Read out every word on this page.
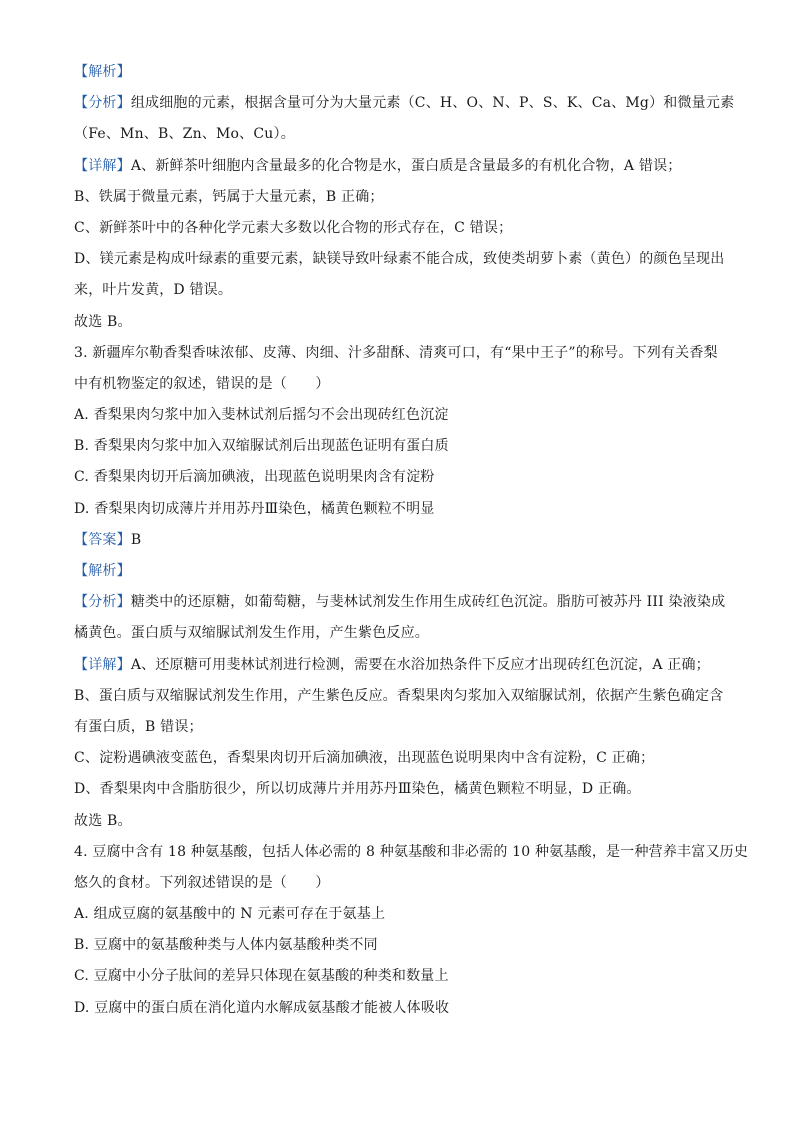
【解析】

【分析】组成细胞的元素，根据含量可分为大量元素（C、H、O、N、P、S、K、Ca、Mg）和微量元素

（Fe、Mn、B、Zn、Mo、Cu）。

【详解】A、新鲜茶叶细胞内含量最多的化合物是水，蛋白质是含量最多的有机化合物，A 错误；

B、铁属于微量元素，钙属于大量元素，B 正确；

C、新鲜茶叶中的各种化学元素大多数以化合物的形式存在，C 错误；

D、镁元素是构成叶绿素的重要元素，缺镁导致叶绿素不能合成，致使类胡萝卜素（黄色）的颜色呈现出

来，叶片发黄，D 错误。

故选 B。

3. 新疆库尔勒香梨香味浓郁、皮薄、肉细、汁多甜酥、清爽可口，有“果中王子”的称号。下列有关香梨

中有机物鉴定的叙述，错误的是（　　）

A. 香梨果肉匀浆中加入斐林试剂后摇匀不会出现砖红色沉淀

B. 香梨果肉匀浆中加入双缩脲试剂后出现蓝色证明有蛋白质

C. 香梨果肉切开后滴加碘液，出现蓝色说明果肉含有淀粉

D. 香梨果肉切成薄片并用苏丹Ⅲ染色，橘黄色颗粒不明显

【答案】B

【解析】

【分析】糖类中的还原糖，如葡萄糖，与斐林试剂发生作用生成砖红色沉淀。脂肪可被苏丹 III 染液染成

橘黄色。蛋白质与双缩脲试剂发生作用，产生紫色反应。

【详解】A、还原糖可用斐林试剂进行检测，需要在水浴加热条件下反应才出现砖红色沉淀，A 正确；

B、蛋白质与双缩脲试剂发生作用，产生紫色反应。香梨果肉匀浆加入双缩脲试剂，依据产生紫色确定含

有蛋白质，B 错误；

C、淀粉遇碘液变蓝色，香梨果肉切开后滴加碘液，出现蓝色说明果肉中含有淀粉，C 正确；

D、香梨果肉中含脂肪很少，所以切成薄片并用苏丹Ⅲ染色，橘黄色颗粒不明显，D 正确。

故选 B。

4. 豆腐中含有 18 种氨基酸，包括人体必需的 8 种氨基酸和非必需的 10 种氨基酸，是一种营养丰富又历史

悠久的食材。下列叙述错误的是（　　）

A. 组成豆腐的氨基酸中的 N 元素可存在于氨基上

B. 豆腐中的氨基酸种类与人体内氨基酸种类不同

C. 豆腐中小分子肽间的差异只体现在氨基酸的种类和数量上

D. 豆腐中的蛋白质在消化道内水解成氨基酸才能被人体吸收
